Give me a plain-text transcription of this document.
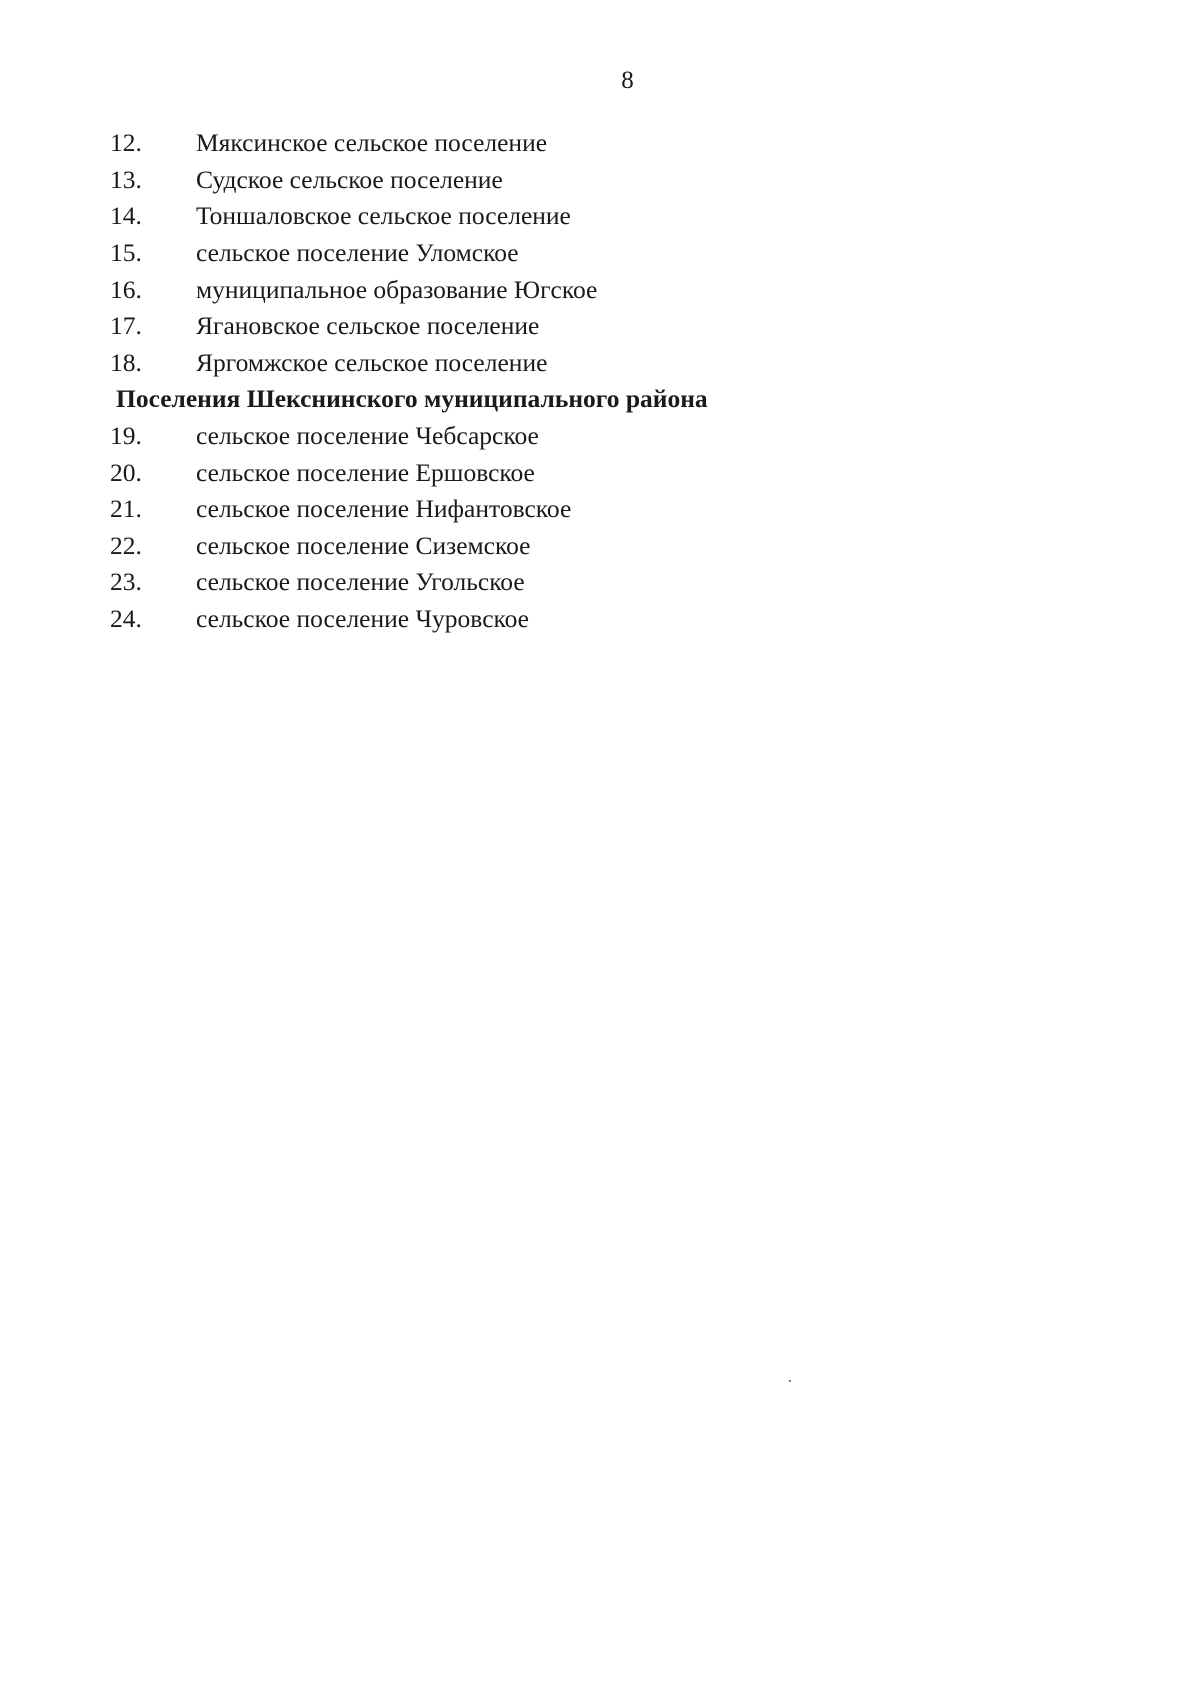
8
12.	Мяксинское сельское поселение
13.	Судское сельское поселение
14.	Тоншаловское сельское поселение
15.	сельское поселение Уломское
16.	муниципальное образование Югское
17.	Ягановское сельское поселение
18.	Яргомжское сельское поселение
Поселения Шекснинского муниципального района
19.	сельское поселение Чебсарское
20.	сельское поселение Ершовское
21.	сельское поселение Нифантовское
22.	сельское поселение Сиземское
23.	сельское поселение Угольское
24.	сельское поселение Чуровское
